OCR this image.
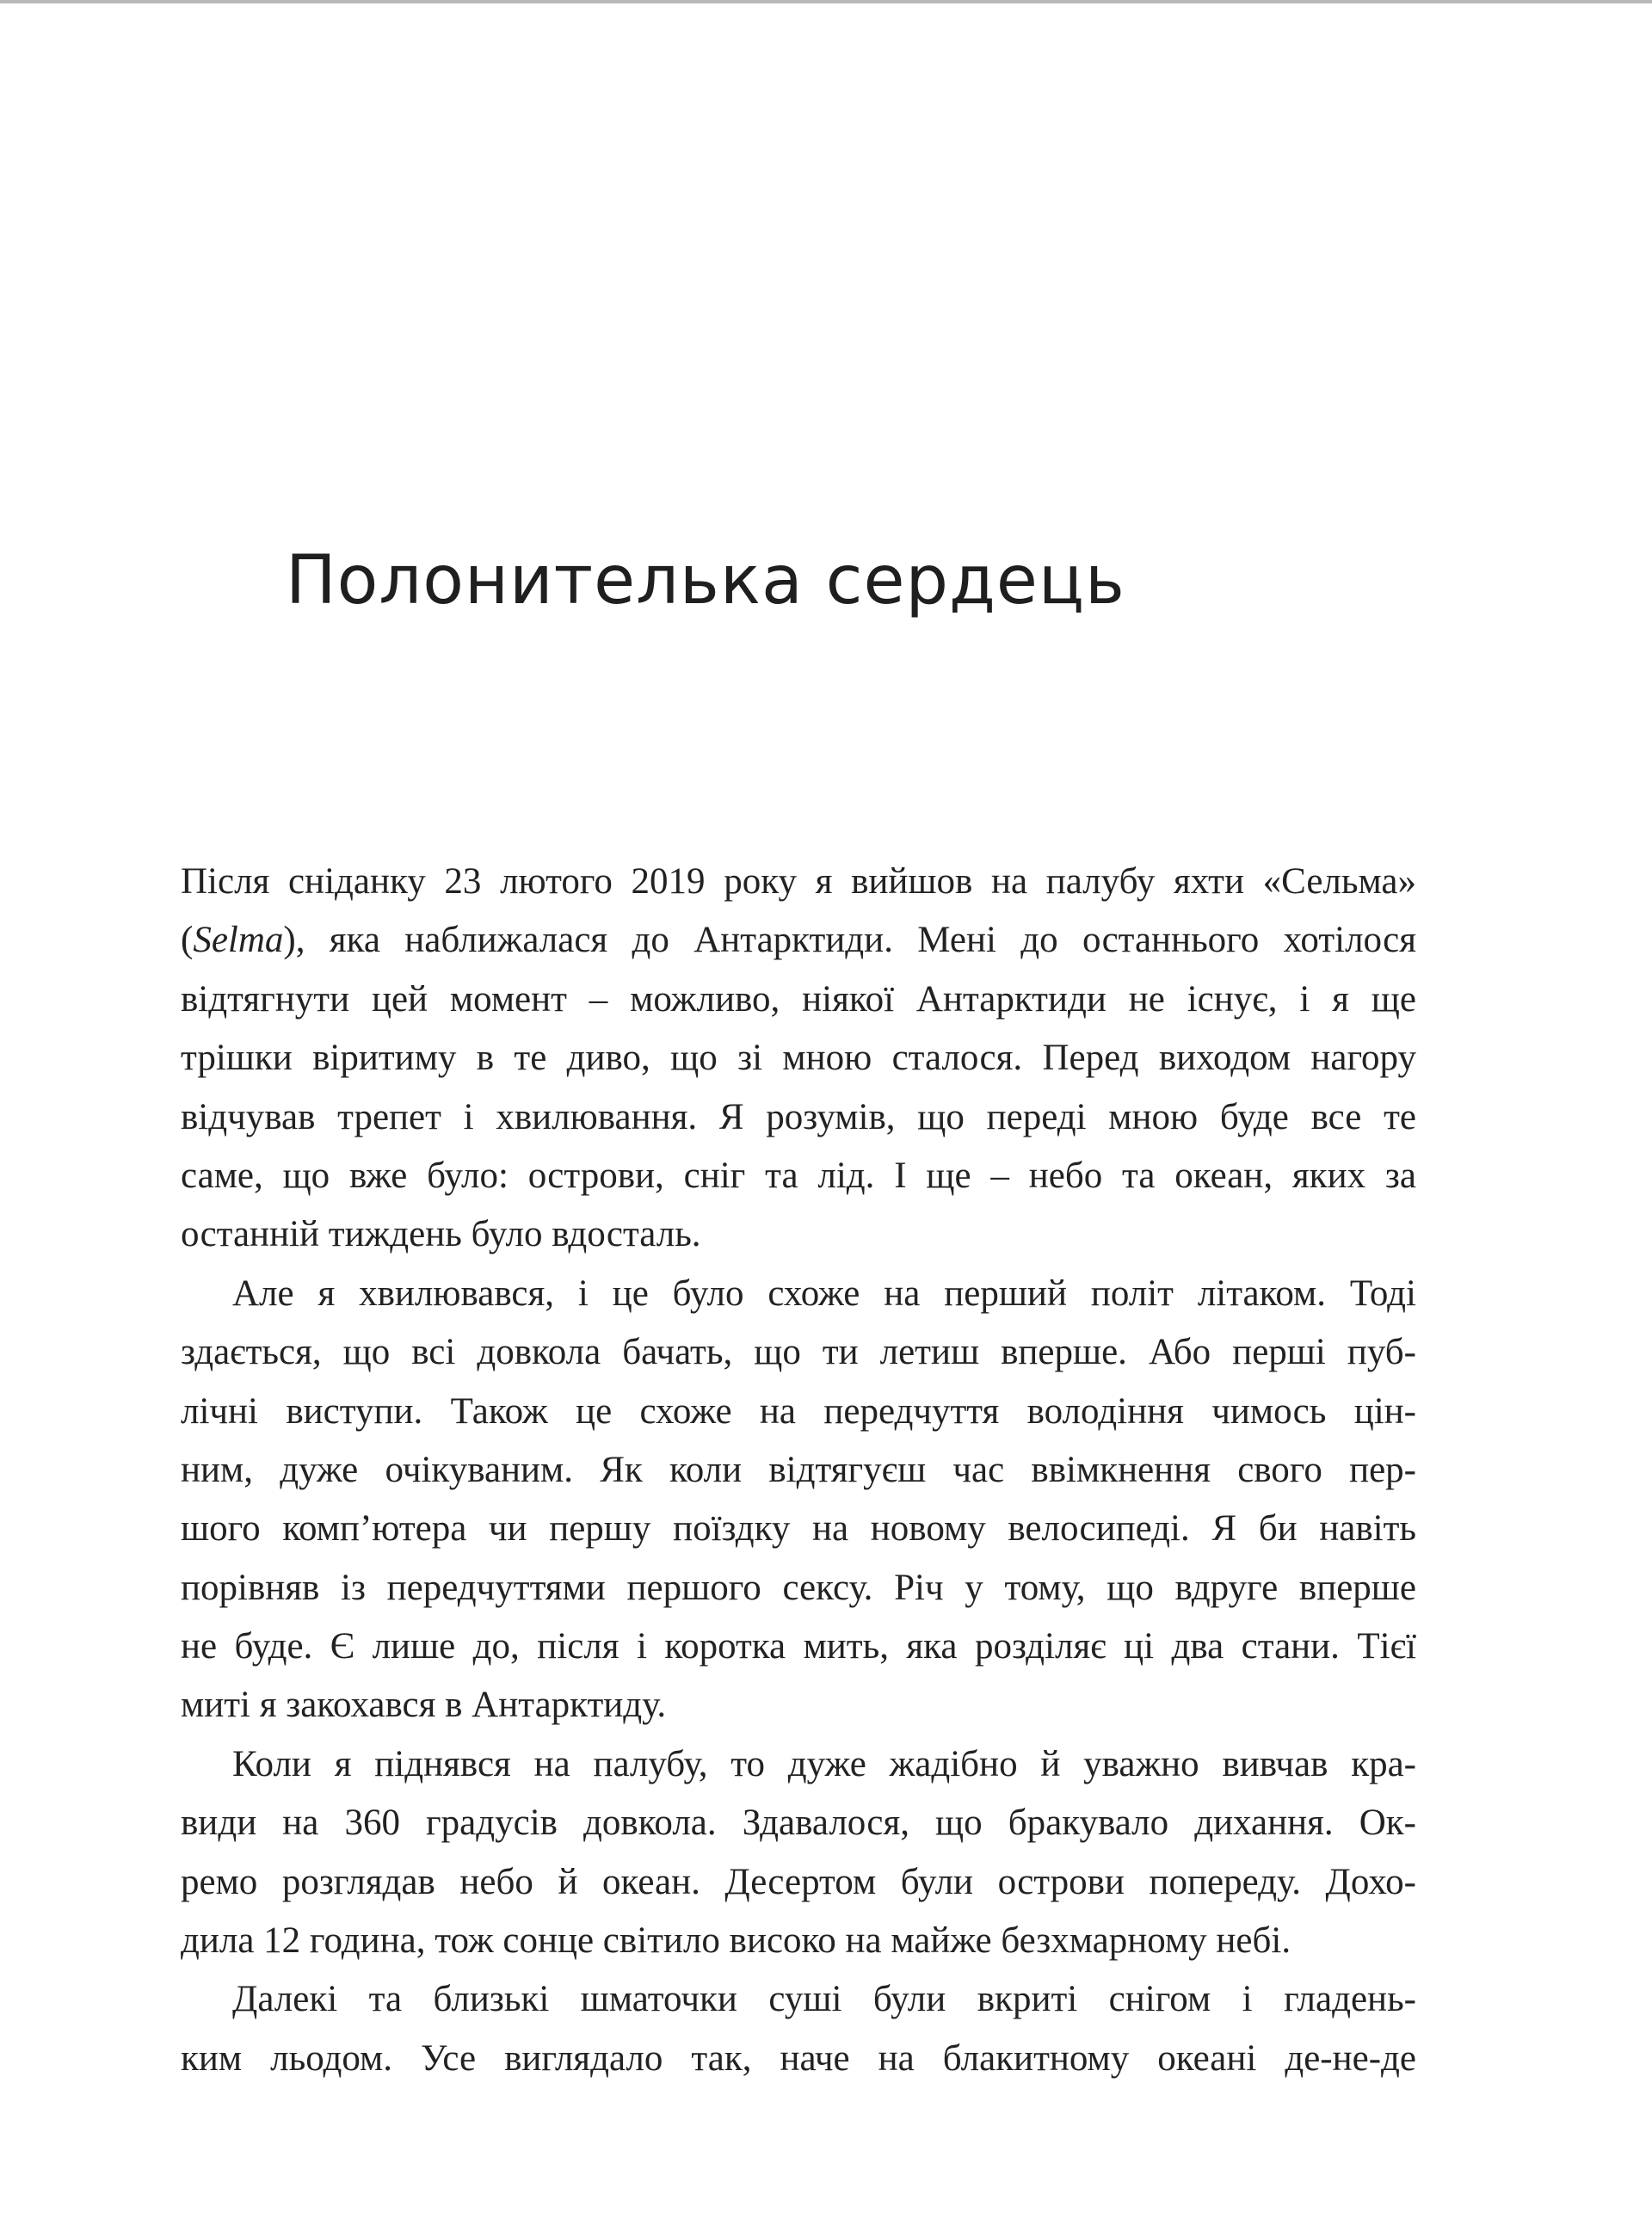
Полонителька сердець
Після сніданку 23 лютого 2019 року я вийшов на палубу яхти «Сельма»
(Selma), яка наближалася до Антарктиди. Мені до останнього хотілося
відтягнути цей момент – можливо, ніякої Антарктиди не існує, і я ще
трішки віритиму в те диво, що зі мною сталося. Перед виходом нагору
відчував трепет і хвилювання. Я розумів, що переді мною буде все те
саме, що вже було: острови, сніг та лід. І ще – небо та океан, яких за
останній тиждень було вдосталь.
Але я хвилювався, і це було схоже на перший політ літаком. Тоді
здається, що всі довкола бачать, що ти летиш вперше. Або перші пуб-
лічні виступи. Також це схоже на передчуття володіння чимось цін-
ним, дуже очікуваним. Як коли відтягуєш час ввімкнення свого пер-
шого комп’ютера чи першу поїздку на новому велосипеді. Я би навіть
порівняв із передчуттями першого сексу. Річ у тому, що вдруге вперше
не буде. Є лише до, після і коротка мить, яка розділяє ці два стани. Тієї
миті я закохався в Антарктиду.
Коли я піднявся на палубу, то дуже жадібно й уважно вивчав кра-
види на 360 градусів довкола. Здавалося, що бракувало дихання. Ок-
ремо розглядав небо й океан. Десертом були острови попереду. Дохо-
дила 12 година, тож сонце світило високо на майже безхмарному небі.
Далекі та близькі шматочки суші були вкриті снігом і гладень-
ким льодом. Усе виглядало так, наче на блакитному океані де-не-де
